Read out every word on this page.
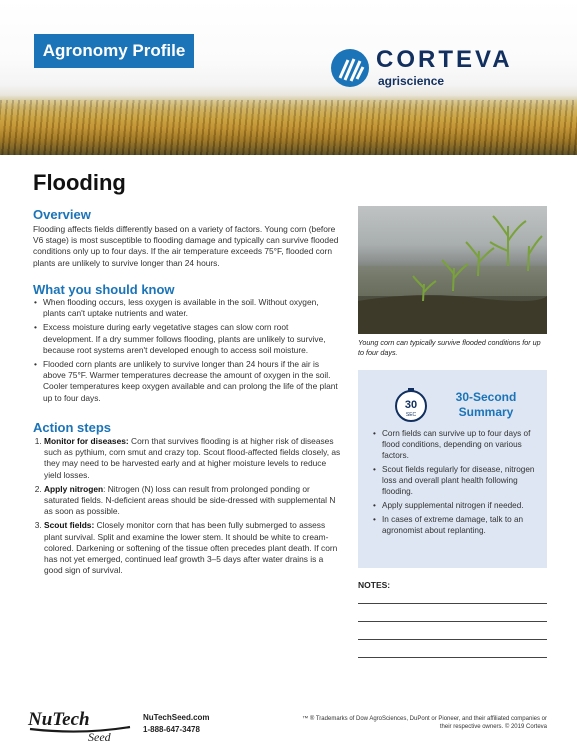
Agronomy Profile	CORTEVA
agriscience
Flooding
Overview
Flooding affects fields differently based on a variety of factors. Young corn (before V6 stage) is most susceptible to flooding damage and typically can survive flooded conditions only up to four days. If the air temperature exceeds 75°F, flooded corn plants are unlikely to survive longer than 24 hours.
What you should know
• When flooding occurs, less oxygen is available in the soil. Without oxygen, plants can't uptake nutrients and water.
• Excess moisture during early vegetative stages can slow corn root development. If a dry summer follows flooding, plants are unlikely to survive, because root systems aren't developed enough to access soil moisture.
• Flooded corn plants are unlikely to survive longer than 24 hours if the air is above 75°F. Warmer temperatures decrease the amount of oxygen in the soil. Cooler temperatures keep oxygen available and can prolong the life of the plant up to four days.
Action steps
1. Monitor for diseases: Corn that survives flooding is at higher risk of diseases such as pythium, corn smut and crazy top. Scout flood-affected fields closely, as they may need to be harvested early and at higher moisture levels to reduce yield losses.
2. Apply nitrogen: Nitrogen (N) loss can result from prolonged ponding or saturated fields. N-deficient areas should be side-dressed with supplemental N as soon as possible.
3. Scout fields: Closely monitor corn that has been fully submerged to assess plant survival. Split and examine the lower stem. It should be white to cream-colored. Darkening or softening of the tissue often precedes plant death. If corn has not yet emerged, continued leaf growth 3–5 days after water drains is a good sign of survival.
Young corn can typically survive flooded conditions for up to four days.
30
SEC
30-Second
Summary
• Corn fields can survive up to four days of flood conditions, depending on various factors.
• Scout fields regularly for disease, nitrogen loss and overall plant health following flooding.
• Apply supplemental nitrogen if needed.
• In cases of extreme damage, talk to an agronomist about replanting.
NOTES:
NuTech
Seed
NuTechSeed.com
1-888-647-3478
™ ® Trademarks of Dow AgroSciences, DuPont or Pioneer, and their affiliated companies or their respective owners. © 2019 Corteva
